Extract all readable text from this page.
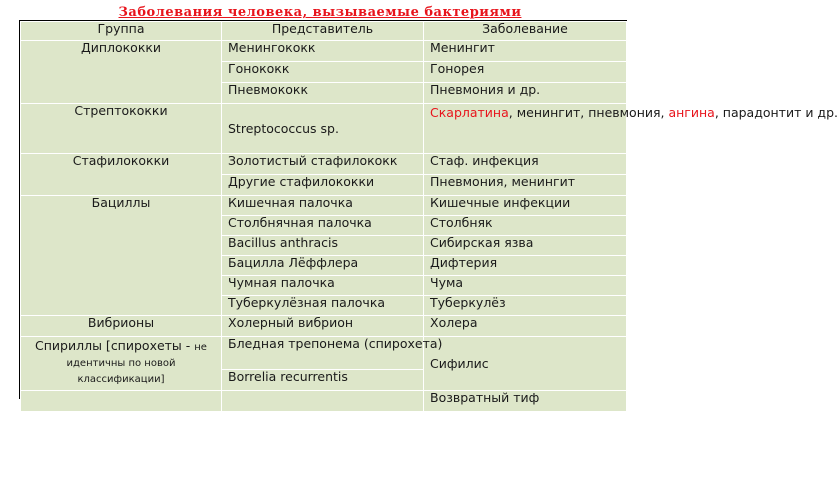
Заболевания человека, вызываемые бактериями
Группа	Представитель	Заболевание
Диплококки	Менингококк	Менингит
	Гонококк	Гонорея
	Пневмококк	Пневмония и др.
Стрептококки	Streptococcus sp.	Скарлатина, менингит, пневмония, ангина, парадонтит и др.
Стафилококки	Золотистый стафилококк	Стаф. инфекция
	Другие стафилококки	Пневмония, менингит
Бациллы	Кишечная палочка	Кишечные инфекции
	Столбнячная палочка	Столбняк
	Bacillus anthracis	Сибирская язва
	Бацилла Лёффлера	Дифтерия
	Чумная палочка	Чума
	Туберкулёзная палочка	Туберкулёз
Вибрионы	Холерный вибрион	Холера
Спириллы [спирохеты - не идентичны по новой классификации]	Бледная трепонема (спирохета)	Сифилис
	Borrelia recurrentis	
		Возвратный тиф
